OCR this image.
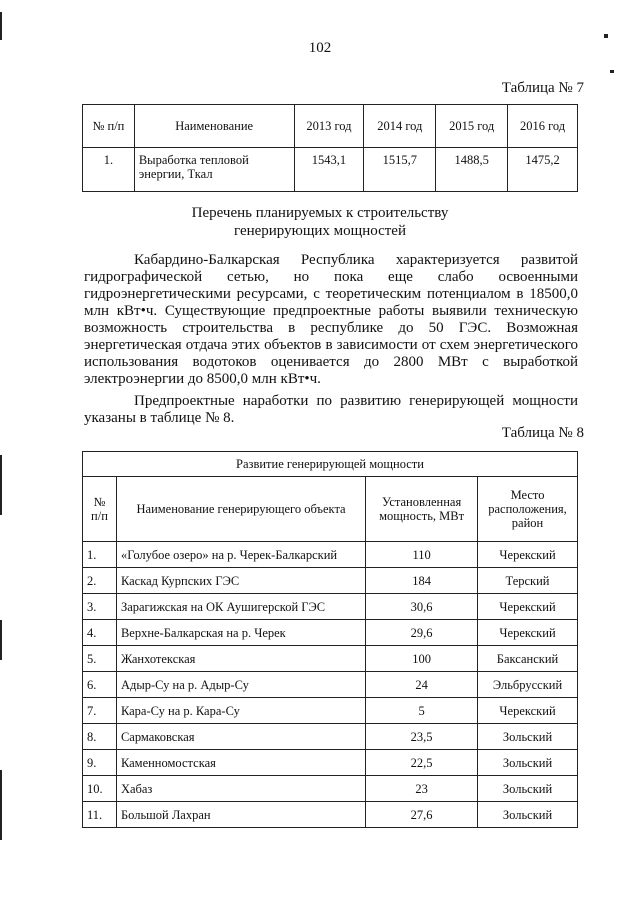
102
Таблица № 7
№ п/п	Наименование	2013 год	2014 год	2015 год	2016 год
1.	Выработка тепловой энергии, Ткал	1543,1	1515,7	1488,5	1475,2
Перечень планируемых к строительству
генерирующих мощностей

Кабардино-Балкарская Республика характеризуется развитой гидрографической сетью, но пока еще слабо освоенными гидроэнергетическими ресурсами, с теоретическим потенциалом в 18500,0 млн кВт•ч. Существующие предпроектные работы выявили техническую возможность строительства в республике до 50 ГЭС. Возможная энергетическая отдача этих объектов в зависимости от схем энергетического использования водотоков оценивается до 2800 МВт с выработкой электроэнергии до 8500,0 млн кВт•ч.

Предпроектные наработки по развитию генерирующей мощности указаны в таблице № 8.

Таблица № 8
Развитие генерирующей мощности			
№ п/п	Наименование генерирующего объекта	Установленная мощность, МВт	Место расположения, район
1.	«Голубое озеро» на р. Черек-Балкарский	110	Черекский
2.	Каскад Курпских ГЭС	184	Терский
3.	Зарагижская на ОК Аушигерской ГЭС	30,6	Черекский
4.	Верхне-Балкарская на р. Черек	29,6	Черекский
5.	Жанхотекская	100	Баксанский
6.	Адыр-Су на р. Адыр-Су	24	Эльбрусский
7.	Кара-Су на р. Кара-Су	5	Черекский
8.	Сармаковская	23,5	Зольский
9.	Каменномостская	22,5	Зольский
10.	Хабаз	23	Зольский
11.	Большой Лахран	27,6	Зольский
